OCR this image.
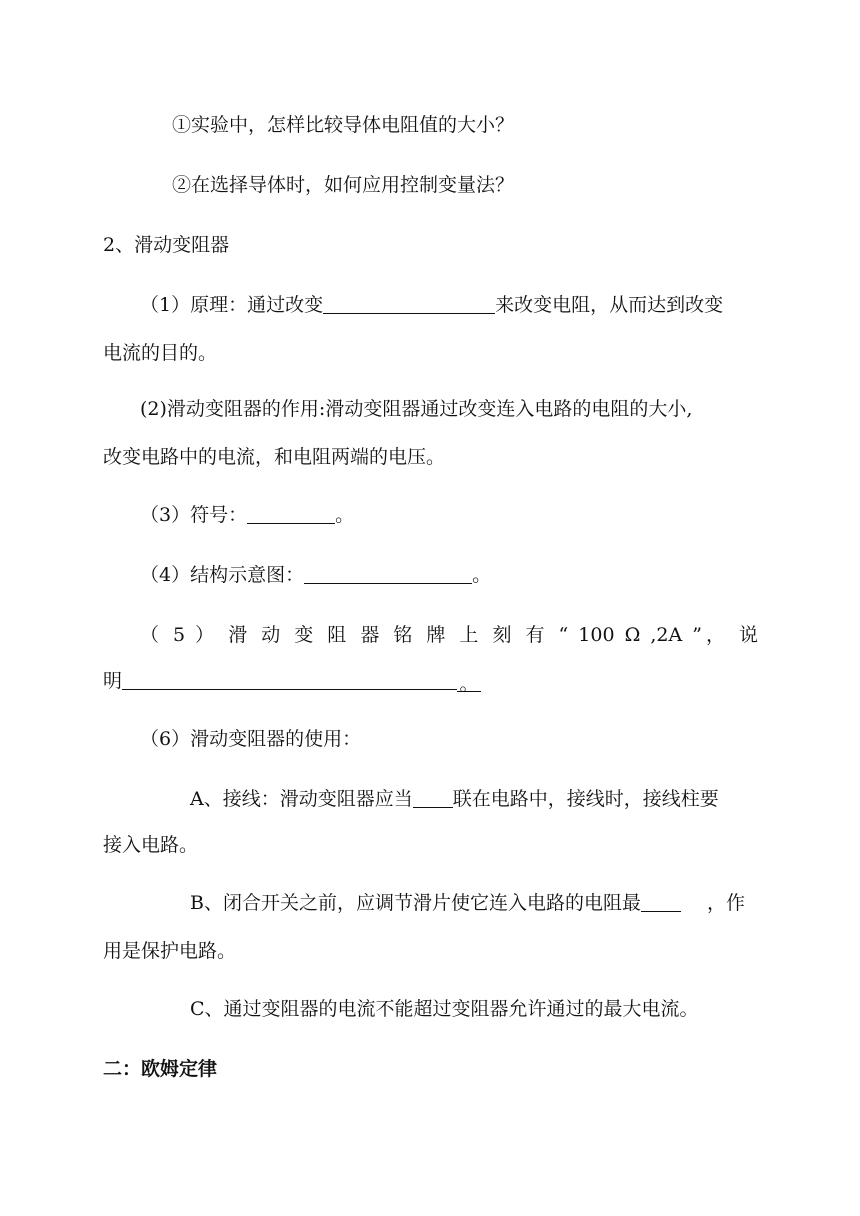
①实验中，怎样比较导体电阻值的大小？
②在选择导体时，如何应用控制变量法？
2、滑动变阻器
（1）原理：通过改变	来改变电阻，从而达到改变
电流的目的。
(2)滑动变阻器的作用:滑动变阻器通过改变连入电路的电阻的大小,
改变电路中的电流，和电阻两端的电压。
（3）符号：	。
（4）结构示意图：	。
（ 5 ） 滑 动 变 阻 器 铭 牌 上 刻 有 “ 100 Ω ,2A ”， 说
明	。
（6）滑动变阻器的使用：
A、接线：滑动变阻器应当 联在电路中，接线时，接线柱要
接入电路。
B、闭合开关之前，应调节滑片使它连入电路的电阻最	，作
用是保护电路。
C、通过变阻器的电流不能超过变阻器允许通过的最大电流。
二：欧姆定律
